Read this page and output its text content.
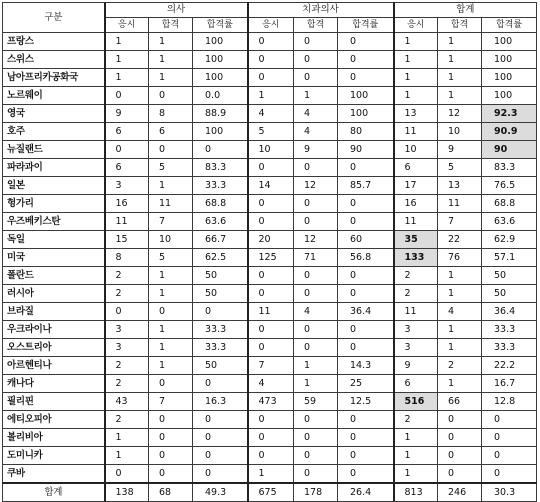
구분	의사			치과의사			합계		
	응시	합격	합격률	응시	합격	합격률	응시	합격	합격률
프랑스	1	1	100	0	0	0	1	1	100
스위스	1	1	100	0	0	0	1	1	100
남아프리카공화국	1	1	100	0	0	0	1	1	100
노르웨이	0	0	0.0	1	1	100	1	1	100
영국	9	8	88.9	4	4	100	13	12	92.3
호주	6	6	100	5	4	80	11	10	90.9
뉴질랜드	0	0	0	10	9	90	10	9	90
파라과이	6	5	83.3	0	0	0	6	5	83.3
일본	3	1	33.3	14	12	85.7	17	13	76.5
헝가리	16	11	68.8	0	0	0	16	11	68.8
우즈베키스탄	11	7	63.6	0	0	0	11	7	63.6
독일	15	10	66.7	20	12	60	35	22	62.9
미국	8	5	62.5	125	71	56.8	133	76	57.1
폴란드	2	1	50	0	0	0	2	1	50
러시아	2	1	50	0	0	0	2	1	50
브라질	0	0	0	11	4	36.4	11	4	36.4
우크라이나	3	1	33.3	0	0	0	3	1	33.3
오스트리아	3	1	33.3	0	0	0	3	1	33.3
아르헨티나	2	1	50	7	1	14.3	9	2	22.2
캐나다	2	0	0	4	1	25	6	1	16.7
필리핀	43	7	16.3	473	59	12.5	516	66	12.8
에티오피아	2	0	0	0	0	0	2	0	0
볼리비아	1	0	0	0	0	0	1	0	0
도미니카	1	0	0	0	0	0	1	0	0
쿠바	0	0	0	1	0	0	1	0	0
합계	138	68	49.3	675	178	26.4	813	246	30.3
